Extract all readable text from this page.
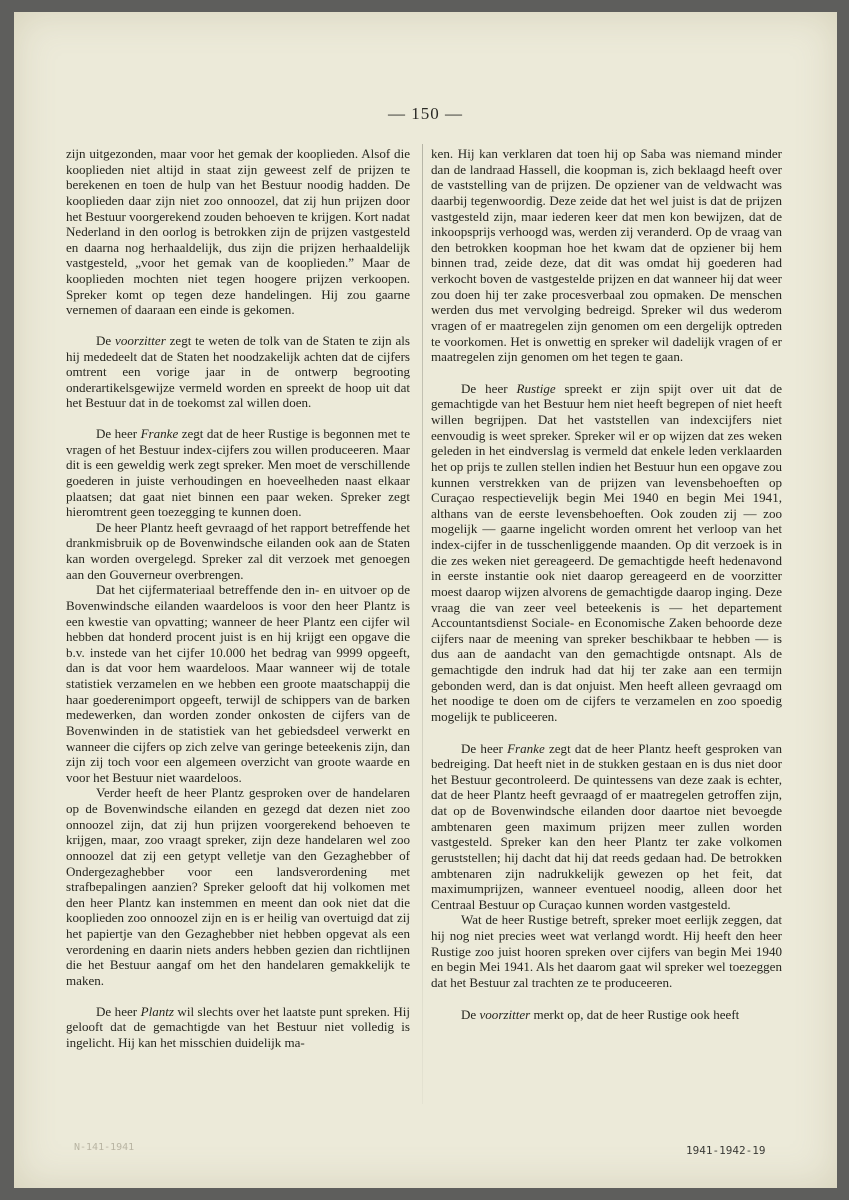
— 150 —

zijn uitgezonden, maar voor het gemak der kooplieden. Alsof die kooplieden niet altijd in staat zijn geweest zelf de prijzen te berekenen en toen de hulp van het Bestuur noodig hadden. De kooplieden daar zijn niet zoo onnoozel, dat zij hun prijzen door het Bestuur voorgerekend zouden behoeven te krijgen. Kort nadat Nederland in den oorlog is betrokken zijn de prijzen vastgesteld en daarna nog herhaaldelijk, dus zijn die prijzen herhaaldelijk vastgesteld, „voor het gemak van de kooplieden.” Maar de kooplieden mochten niet tegen hoogere prijzen verkoopen. Spreker komt op tegen deze handelingen. Hij zou gaarne vernemen of daaraan een einde is gekomen.

De voorzitter zegt te weten de tolk van de Staten te zijn als hij mededeelt dat de Staten het noodzakelijk achten dat de cijfers omtrent een vorige jaar in de ontwerp begrooting onderartikelsgewijze vermeld worden en spreekt de hoop uit dat het Bestuur dat in de toekomst zal willen doen.

De heer Franke zegt dat de heer Rustige is begonnen met te vragen of het Bestuur index-cijfers zou willen produceeren. Maar dit is een geweldig werk zegt spreker. Men moet de verschillende goederen in juiste verhoudingen en hoeveelheden naast elkaar plaatsen; dat gaat niet binnen een paar weken. Spreker zegt hieromtrent geen toezegging te kunnen doen.

De heer Plantz heeft gevraagd of het rapport betreffende het drankmisbruik op de Bovenwindsche eilanden ook aan de Staten kan worden overgelegd. Spreker zal dit verzoek met genoegen aan den Gouverneur overbrengen.

Dat het cijfermateriaal betreffende den in- en uitvoer op de Bovenwindsche eilanden waardeloos is voor den heer Plantz is een kwestie van opvatting; wanneer de heer Plantz een cijfer wil hebben dat honderd procent juist is en hij krijgt een opgave die b.v. instede van het cijfer 10.000 het bedrag van 9999 opgeeft, dan is dat voor hem waardeloos. Maar wanneer wij de totale statistiek verzamelen en we hebben een groote maatschappij die haar goederenimport opgeeft, terwijl de schippers van de barken medewerken, dan worden zonder onkosten de cijfers van de Bovenwinden in de statistiek van het gebiedsdeel verwerkt en wanneer die cijfers op zich zelve van geringe beteekenis zijn, dan zijn zij toch voor een algemeen overzicht van groote waarde en voor het Bestuur niet waardeloos.

Verder heeft de heer Plantz gesproken over de handelaren op de Bovenwindsche eilanden en gezegd dat dezen niet zoo onnoozel zijn, dat zij hun prijzen voorgerekend behoeven te krijgen, maar, zoo vraagt spreker, zijn deze handelaren wel zoo onnoozel dat zij een getypt velletje van den Gezaghebber of Ondergezaghebber voor een landsverordening met strafbepalingen aanzien? Spreker gelooft dat hij volkomen met den heer Plantz kan instemmen en meent dan ook niet dat die kooplieden zoo onnoozel zijn en is er heilig van overtuigd dat zij het papiertje van den Gezaghebber niet hebben opgevat als een verordening en daarin niets anders hebben gezien dan richtlijnen die het Bestuur aangaf om het den handelaren gemakkelijk te maken.

De heer Plantz wil slechts over het laatste punt spreken. Hij gelooft dat de gemachtigde van het Bestuur niet volledig is ingelicht. Hij kan het misschien duidelijk ma-

ken. Hij kan verklaren dat toen hij op Saba was niemand minder dan de landraad Hassell, die koopman is, zich beklaagd heeft over de vaststelling van de prijzen. De opziener van de veldwacht was daarbij tegenwoordig. Deze zeide dat het wel juist is dat de prijzen vastgesteld zijn, maar iederen keer dat men kon bewijzen, dat de inkoopsprijs verhoogd was, werden zij veranderd. Op de vraag van den betrokken koopman hoe het kwam dat de opziener bij hem binnen trad, zeide deze, dat dit was omdat hij goederen had verkocht boven de vastgestelde prijzen en dat wanneer hij dat weer zou doen hij ter zake procesverbaal zou opmaken. De menschen werden dus met vervolging bedreigd. Spreker wil dus wederom vragen of er maatregelen zijn genomen om een dergelijk optreden te voorkomen. Het is onwettig en spreker wil dadelijk vragen of er maatregelen zijn genomen om het tegen te gaan.

De heer Rustige spreekt er zijn spijt over uit dat de gemachtigde van het Bestuur hem niet heeft begrepen of niet heeft willen begrijpen. Dat het vaststellen van indexcijfers niet eenvoudig is weet spreker. Spreker wil er op wijzen dat zes weken geleden in het eindverslag is vermeld dat enkele leden verklaarden het op prijs te zullen stellen indien het Bestuur hun een opgave zou kunnen verstrekken van de prijzen van levensbehoeften op Curaçao respectievelijk begin Mei 1940 en begin Mei 1941, althans van de eerste levensbehoeften. Ook zouden zij — zoo mogelijk — gaarne ingelicht worden omrent het verloop van het index-cijfer in de tusschenliggende maanden. Op dit verzoek is in die zes weken niet gereageerd. De gemachtigde heeft hedenavond in eerste instantie ook niet daarop gereageerd en de voorzitter moest daarop wijzen alvorens de gemachtigde daarop inging. Deze vraag die van zeer veel beteekenis is — het departement Accountantsdienst Sociale- en Economische Zaken behoorde deze cijfers naar de meening van spreker beschikbaar te hebben — is dus aan de aandacht van den gemachtigde ontsnapt. Als de gemachtigde den indruk had dat hij ter zake aan een termijn gebonden werd, dan is dat onjuist. Men heeft alleen gevraagd om het noodige te doen om de cijfers te verzamelen en zoo spoedig mogelijk te publiceeren.

De heer Franke zegt dat de heer Plantz heeft gesproken van bedreiging. Dat heeft niet in de stukken gestaan en is dus niet door het Bestuur gecontroleerd. De quintessens van deze zaak is echter, dat de heer Plantz heeft gevraagd of er maatregelen getroffen zijn, dat op de Bovenwindsche eilanden door daartoe niet bevoegde ambtenaren geen maximum prijzen meer zullen worden vastgesteld. Spreker kan den heer Plantz ter zake volkomen geruststellen; hij dacht dat hij dat reeds gedaan had. De betrokken ambtenaren zijn nadrukkelijk gewezen op het feit, dat maximumprijzen, wanneer eventueel noodig, alleen door het Centraal Bestuur op Curaçao kunnen worden vastgesteld.

Wat de heer Rustige betreft, spreker moet eerlijk zeggen, dat hij nog niet precies weet wat verlangd wordt. Hij heeft den heer Rustige zoo juist hooren spreken over cijfers van begin Mei 1940 en begin Mei 1941. Als het daarom gaat wil spreker wel toezeggen dat het Bestuur zal trachten ze te produceeren.

De voorzitter merkt op, dat de heer Rustige ook heeft

N-141-1941	1941-1942-19
